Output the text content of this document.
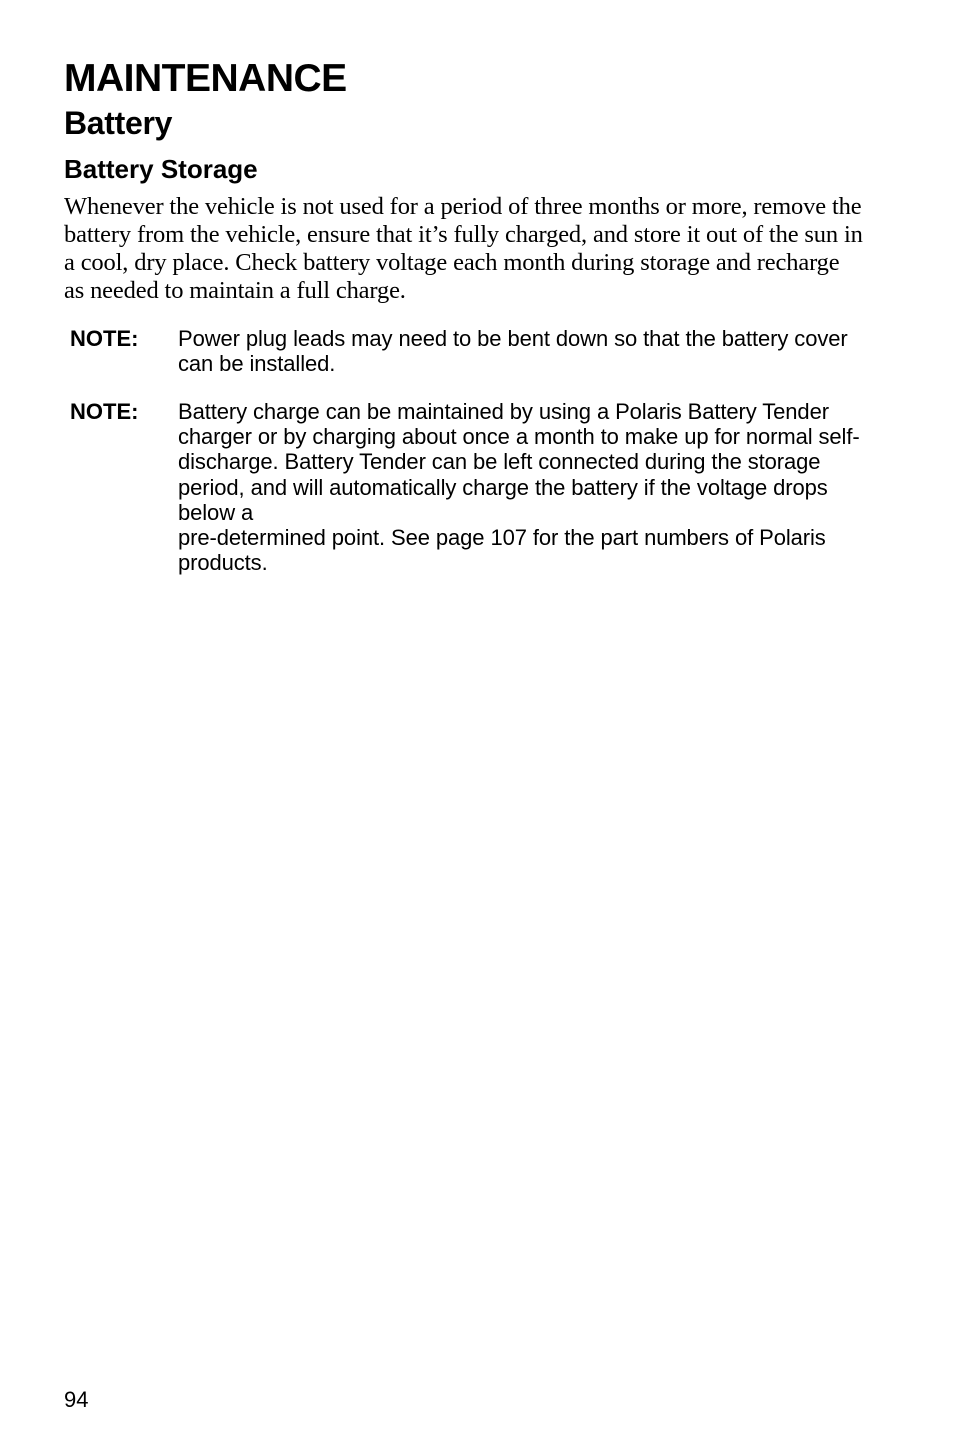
MAINTENANCE
Battery
Battery Storage

Whenever the vehicle is not used for a period of three months or more, remove the battery from the vehicle, ensure that it’s fully charged, and store it out of the sun in a cool, dry place. Check battery voltage each month during storage and recharge as needed to maintain a full charge.

NOTE:	Power plug leads may need to be bent down so that the battery cover can be installed.
NOTE:	Battery charge can be maintained by using a Polaris Battery Tender charger or by charging about once a month to make up for normal self-discharge. Battery Tender can be left connected during the storage period, and will automatically charge the battery if the voltage drops below a
pre-determined point. See page 107 for the part numbers of Polaris products.
94
